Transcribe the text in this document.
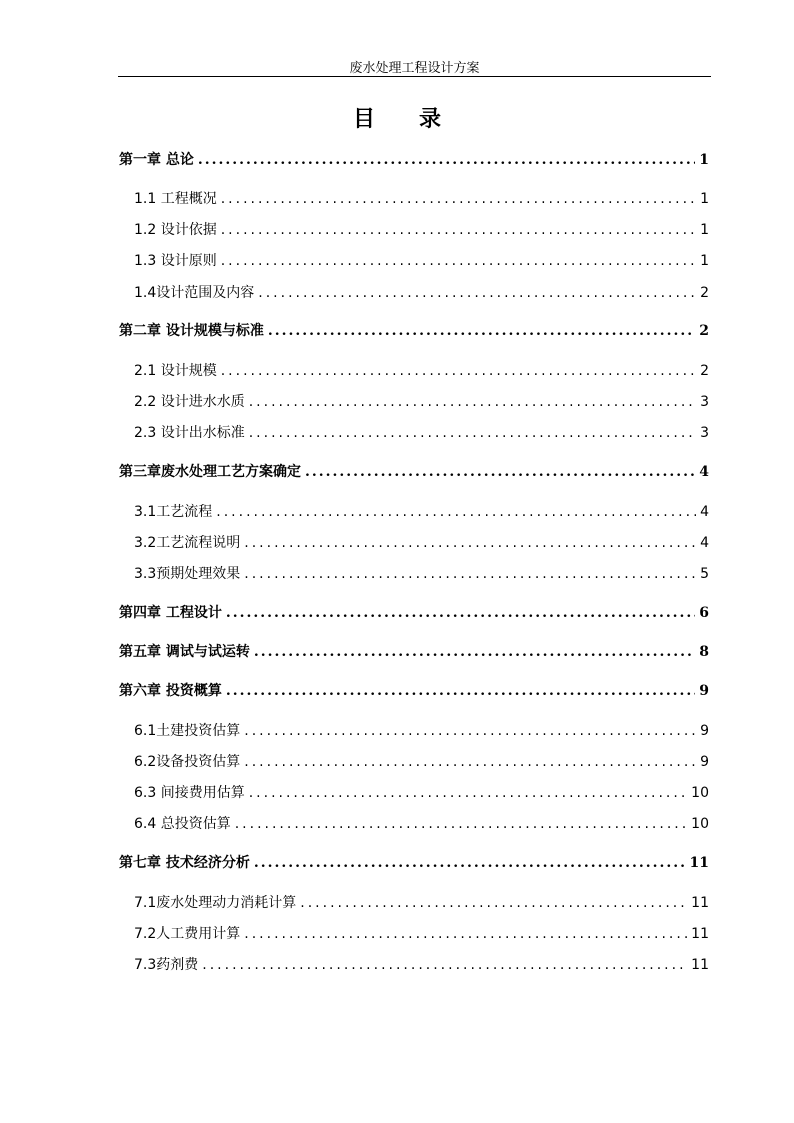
废水处理工程设计方案
目 录
第一章 总论 .....	1
1.1 工程概况 .....	1
1.2 设计依据 .....	1
1.3 设计原则 .....	1
1.4设计范围及内容 .....	2
第二章 设计规模与标准 .....	2
2.1 设计规模 .....	2
2.2 设计进水水质 .....	3
2.3 设计出水标准 .....	3
第三章废水处理工艺方案确定 .....	4
3.1工艺流程 .....	4
3.2工艺流程说明 .....	4
3.3预期处理效果 .....	5
第四章 工程设计 .....	6
第五章 调试与试运转 .....	8
第六章 投资概算 .....	9
6.1土建投资估算 .....	9
6.2设备投资估算 .....	9
6.3 间接费用估算 .....	10
6.4 总投资估算 .....	10
第七章 技术经济分析 .....	11
7.1废水处理动力消耗计算 .....	11
7.2人工费用计算 .....	11
7.3药剂费 .....	11
